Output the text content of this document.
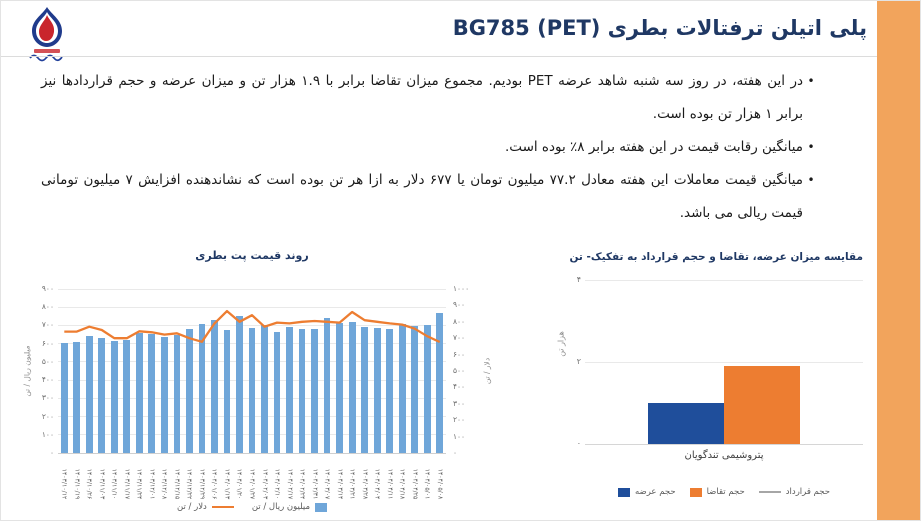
پلی اتیلن ترفتالات بطری (PET) BG785
•
در این هفته، در روز سه شنبه شاهد عرضه PET بودیم. مجموع میزان تقاضا برابر با ۱.۹ هزار تن و میزان عرضه و حجم قراردادها نیز برابر ۱ هزار تن بوده است.
•
میانگین رقابت قیمت در این هفته برابر ۸٪ بوده است.
•
میانگین قیمت معاملات این هفته معادل ۷۷.۲ میلیون تومان یا ۶۷۷ دلار به ازا هر تن بوده است که نشاندهنده افزایش ۷ میلیون تومانی قیمت ریالی می باشد.
روند قیمت پت بطری
۰
۱۰۰
۲۰۰
۳۰۰
۴۰۰
۵۰۰
۶۰۰
۷۰۰
۸۰۰
۹۰۰
۰
۱۰۰
۲۰۰
۳۰۰
۴۰۰
۵۰۰
۶۰۰
۷۰۰
۸۰۰
۹۰۰
۱۰۰۰
۱۴۰۳/۱۰/۱۲ ۱۴۰۳/۱۰/۱۹ ۱۴۰۳/۱۰/۲۶ ۱۴۰۳/۱۱/۰۳ ۱۴۰۳/۱۱/۱۰ ۱۴۰۳/۱۱/۱۷ ۱۴۰۳/۱۱/۲۴ ۱۴۰۳/۱۲/۰۱ ۱۴۰۳/۱۲/۰۸ ۱۴۰۳/۱۲/۱۵ ۱۴۰۳/۱۲/۲۲ ۱۴۰۳/۱۲/۲۹ ۱۴۰۴/۰۱/۰۶ ۱۴۰۴/۰۱/۱۳ ۱۴۰۴/۰۱/۲۰ ۱۴۰۴/۰۱/۲۷ ۱۴۰۴/۰۲/۰۳ ۱۴۰۴/۰۲/۱۰ ۱۴۰۴/۰۲/۱۷ ۱۴۰۴/۰۲/۲۴ ۱۴۰۴/۰۲/۳۱ ۱۴۰۴/۰۳/۰۷ ۱۴۰۴/۰۳/۱۴ ۱۴۰۴/۰۳/۲۱ ۱۴۰۴/۰۳/۲۸ ۱۴۰۴/۰۴/۰۴ ۱۴۰۴/۰۴/۱۱ ۱۴۰۴/۰۴/۱۸ ۱۴۰۴/۰۴/۲۵ ۱۴۰۴/۰۵/۰۱ ۱۴۰۴/۰۵/۰۸
میلیون ریال / تن	دلار / تن
دلار / تن	میلیون ریال / تن
مقایسه میزان عرضه، تقاضا و حجم قرارداد به تفکیک- تن
۰
۲
۴
پتروشیمی تندگویان
هزار تن
حجم عرضه	حجم تقاضا	حجم قرارداد
